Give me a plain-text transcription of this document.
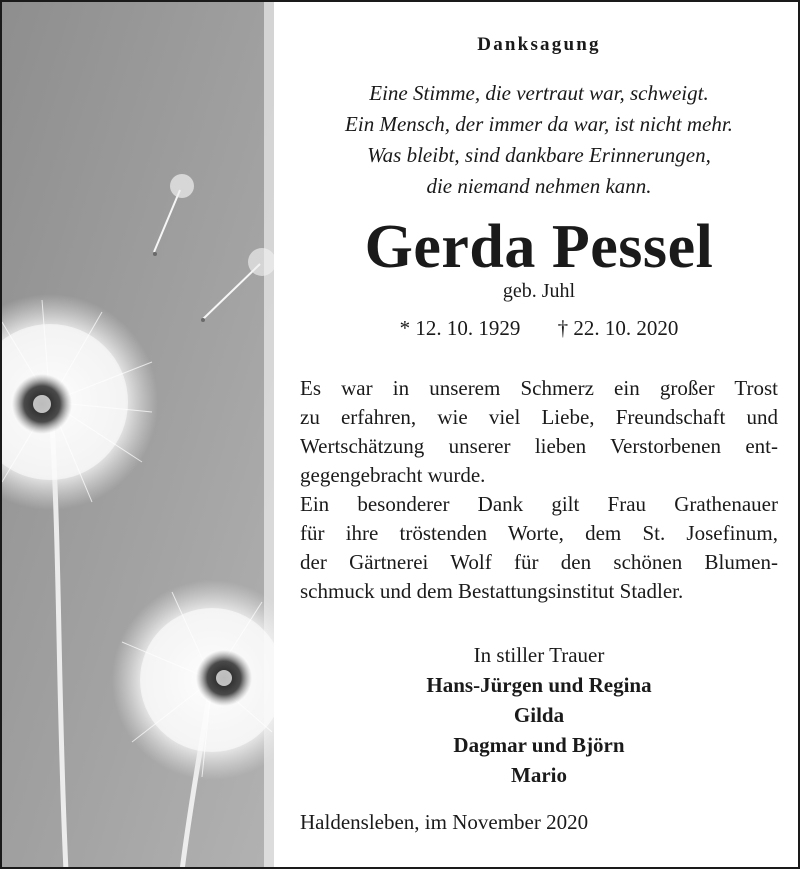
Danksagung
Eine Stimme, die vertraut war, schweigt.
Ein Mensch, der immer da war, ist nicht mehr.
Was bleibt, sind dankbare Erinnerungen,
die niemand nehmen kann.
Gerda Pessel
geb. Juhl
* 12. 10. 1929 † 22. 10. 2020
Es war in unserem Schmerz ein großer Trost
zu erfahren, wie viel Liebe, Freundschaft und
Wertschätzung unserer lieben Verstorbenen ent-
gegengebracht wurde.
Ein besonderer Dank gilt Frau Grathenauer
für ihre tröstenden Worte, dem St. Josefinum,
der Gärtnerei Wolf für den schönen Blumen-
schmuck und dem Bestattungsinstitut Stadler.
In stiller Trauer
Hans-Jürgen und Regina
Gilda
Dagmar und Björn
Mario
Haldensleben, im November 2020
